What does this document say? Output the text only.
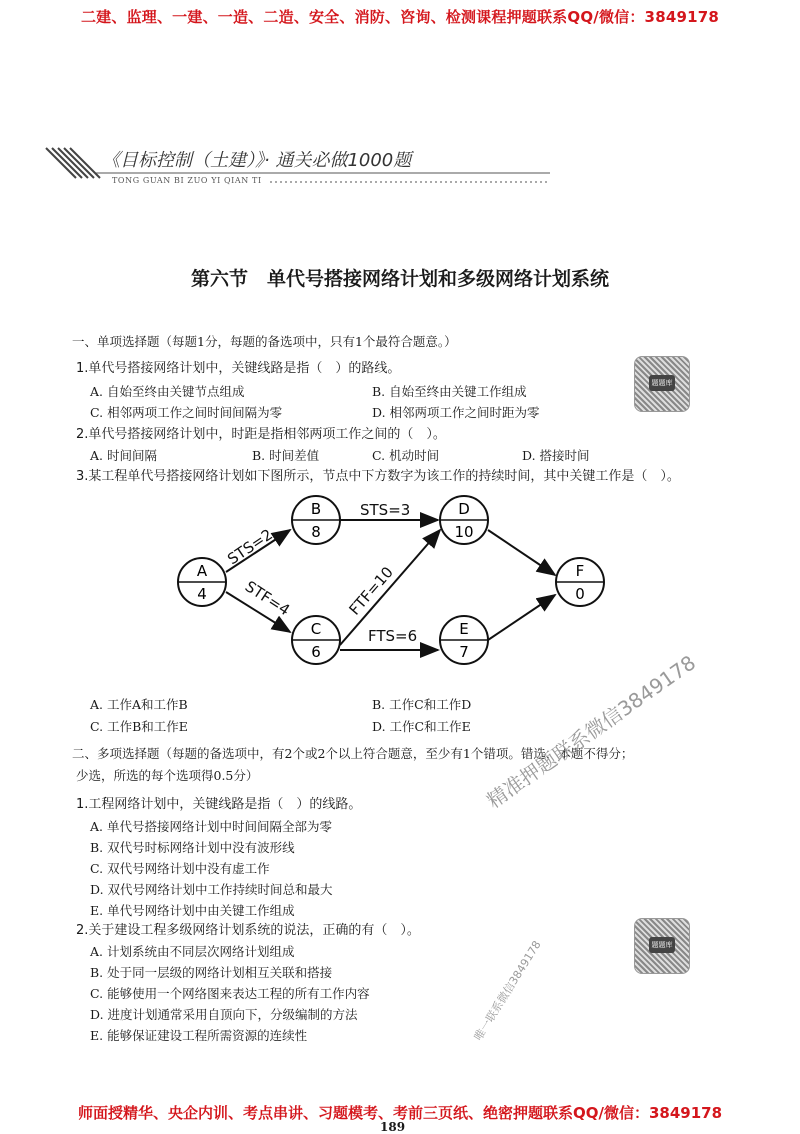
二建、监理、一建、一造、二造、安全、消防、咨询、检测课程押题联系QQ/微信：3849178
《目标控制（土建）》· 通关必做1000题
TONG GUAN BI ZUO YI QIAN TI
第六节　单代号搭接网络计划和多级网络计划系统
一、单项选择题（每题1分，每题的备选项中，只有1个最符合题意。）
1.单代号搭接网络计划中，关键线路是指（　）的路线。
A. 自始至终由关键节点组成	B. 自始至终由关键工作组成
C. 相邻两项工作之间时间间隔为零	D. 相邻两项工作之间时距为零
题题库
2.单代号搭接网络计划中，时距是指相邻两项工作之间的（　）。
A. 时间间隔	B. 时间差值	C. 机动时间	D. 搭接时间
3.某工程单代号搭接网络计划如下图所示，节点中下方数字为该工作的持续时间，其中关键工作是（　）。
STS=2
STF=4
STS=3
FTF=10
FTS=6
A
4
B
8
C
6
D
10
E
7
F
0
A. 工作A和工作B	B. 工作C和工作D
C. 工作B和工作E	D. 工作C和工作E
二、多项选择题（每题的备选项中，有2个或2个以上符合题意，至少有1个错项。错选，本题不得分；
少选，所选的每个选项得0.5分）
1.工程网络计划中，关键线路是指（　）的线路。
A. 单代号搭接网络计划中时间间隔全部为零
B. 双代号时标网络计划中没有波形线
C. 双代号网络计划中没有虚工作
D. 双代号网络计划中工作持续时间总和最大
E. 单代号网络计划中由关键工作组成
2.关于建设工程多级网络计划系统的说法，正确的有（　）。
A. 计划系统由不同层次网络计划组成
B. 处于同一层级的网络计划相互关联和搭接
C. 能够使用一个网络图来表达工程的所有工作内容
D. 进度计划通常采用自顶向下，分级编制的方法
E. 能够保证建设工程所需资源的连续性
题题库
精准押题联系微信3849178
唯一联系微信3849178
师面授精华、央企内训、考点串讲、习题模考、考前三页纸、绝密押题联系QQ/微信：3849178
189
